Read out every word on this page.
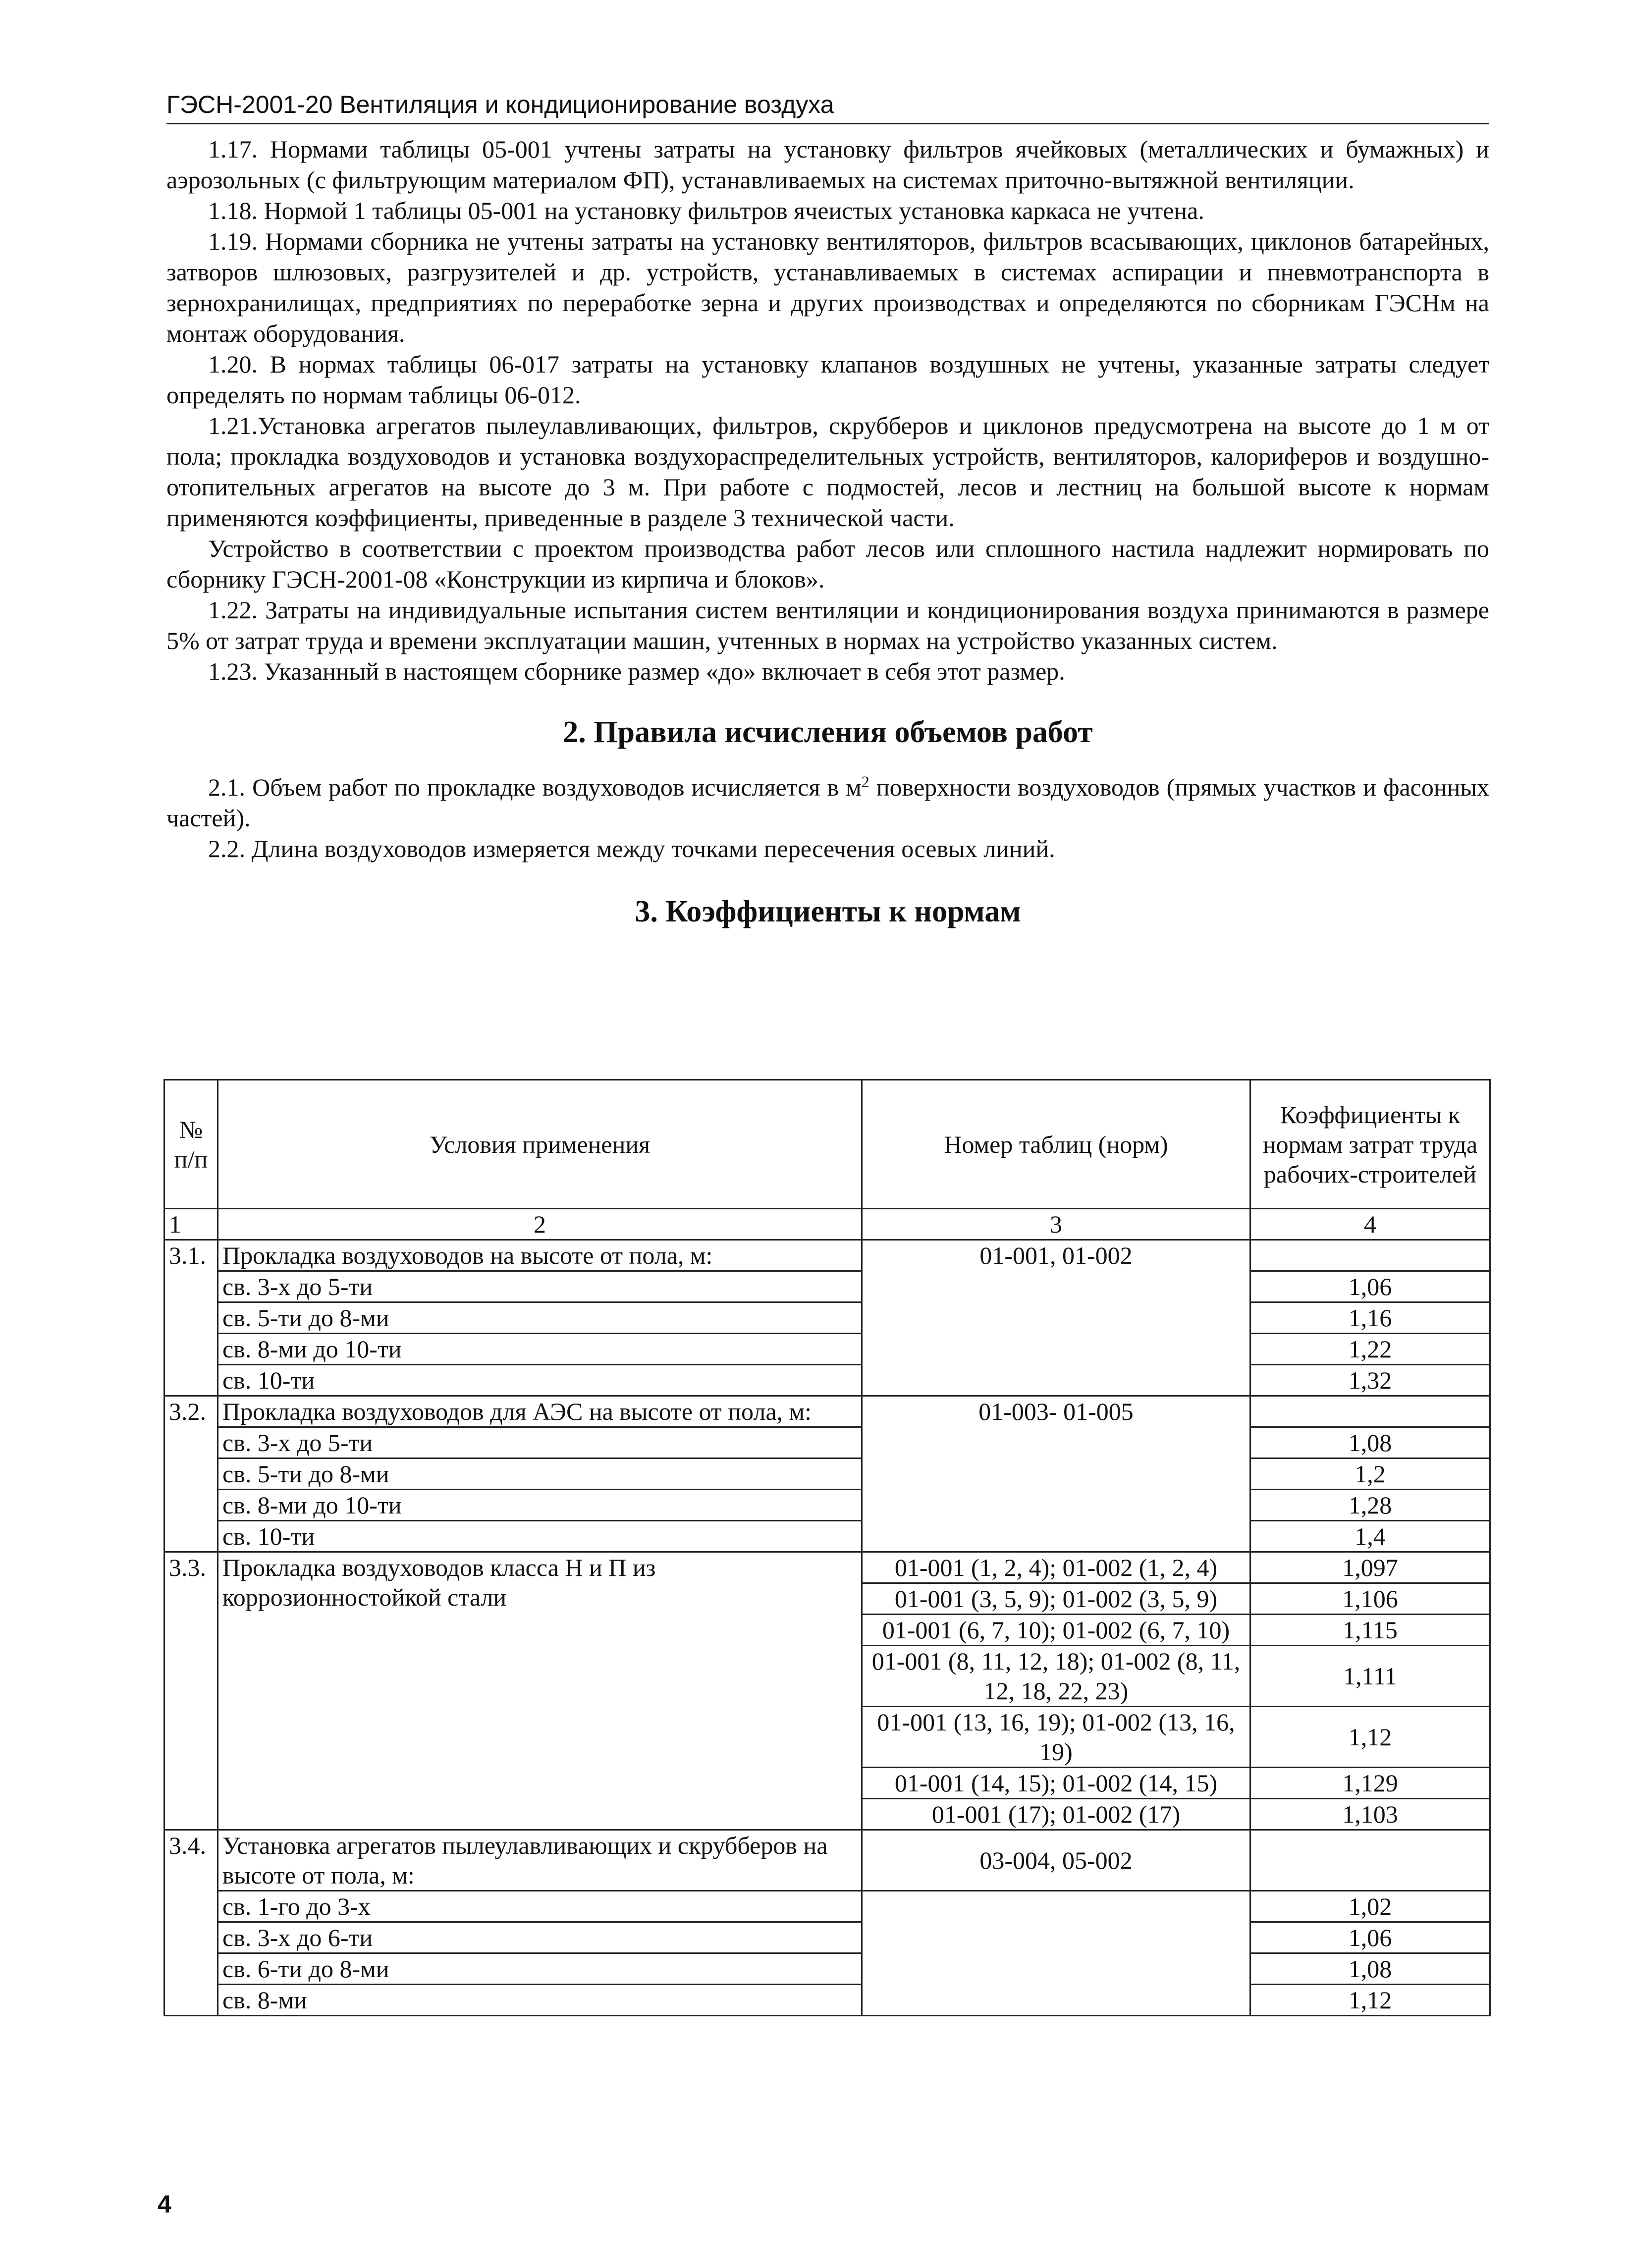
ГЭСН-2001-20 Вентиляция и кондиционирование воздуха

1.17. Нормами таблицы 05-001 учтены затраты на установку фильтров ячейковых (металлических и бумажных) и аэрозольных (с фильтрующим материалом ФП), устанавливаемых на системах приточно-вытяжной вентиляции.

1.18. Нормой 1 таблицы 05-001 на установку фильтров ячеистых установка каркаса не учтена.

1.19. Нормами сборника не учтены затраты на установку вентиляторов, фильтров всасывающих, циклонов батарейных, затворов шлюзовых, разгрузителей и др. устройств, устанавливаемых в системах аспирации и пневмотранспорта в зернохранилищах, предприятиях по переработке зерна и других производствах и определяются по сборникам ГЭСНм на монтаж оборудования.

1.20. В нормах таблицы 06-017 затраты на установку клапанов воздушных не учтены, указанные затраты следует определять по нормам таблицы 06-012.

1.21.Установка агрегатов пылеулавливающих, фильтров, скрубберов и циклонов предусмотрена на высоте до 1 м от пола; прокладка воздуховодов и установка воздухораспределительных устройств, вентиляторов, калориферов и воздушно-отопительных агрегатов на высоте до 3 м. При работе с подмостей, лесов и лестниц на большой высоте к нормам применяются коэффициенты, приведенные в разделе 3 технической части.

Устройство в соответствии с проектом производства работ лесов или сплошного настила надлежит нормировать по сборнику ГЭСН-2001-08 «Конструкции из кирпича и блоков».

1.22. Затраты на индивидуальные испытания систем вентиляции и кондиционирования воздуха принимаются в размере 5% от затрат труда и времени эксплуатации машин, учтенных в нормах на устройство указанных систем.

1.23. Указанный в настоящем сборнике размер «до» включает в себя этот размер.

2. Правила исчисления объемов работ

2.1. Объем работ по прокладке воздуховодов исчисляется в $м^2$ поверхности воздуховодов (прямых участков и фасонных частей).

2.2. Длина воздуховодов измеряется между точками пересечения осевых линий.

3. Коэффициенты к нормам
№ п/п	Условия применения	Номер таблиц (норм)	Коэффициенты к нормам затрат труда рабочих-строителей
1	2	3	4
3.1.	Прокладка воздуховодов на высоте от пола, м:	01-001, 01-002	
	св. 3-х до 5-ти		1,06
	св. 5-ти до 8-ми		1,16
	св. 8-ми до 10-ти		1,22
	св. 10-ти		1,32
3.2.	Прокладка воздуховодов для АЭС на высоте от пола, м:	01-003- 01-005	
	св. 3-х до 5-ти		1,08
	св. 5-ти до 8-ми		1,2
	св. 8-ми до 10-ти		1,28
	св. 10-ти		1,4
3.3.	Прокладка воздуховодов класса Н и П из коррозионностойкой стали	01-001 (1, 2, 4); 01-002 (1, 2, 4)	1,097
		01-001 (3, 5, 9); 01-002 (3, 5, 9)	1,106
		01-001 (6, 7, 10); 01-002 (6, 7, 10)	1,115
		01-001 (8, 11, 12, 18); 01-002 (8, 11, 12, 18, 22, 23)	1,111
		01-001 (13, 16, 19); 01-002 (13, 16, 19)	1,12
		01-001 (14, 15); 01-002 (14, 15)	1,129
		01-001 (17); 01-002 (17)	1,103
3.4.	Установка агрегатов пылеулавливающих и скрубберов на высоте от пола, м:	03-004, 05-002	
	св. 1-го до 3-х		1,02
	св. 3-х до 6-ти		1,06
	св. 6-ти до 8-ми		1,08
	св. 8-ми		1,12
4
